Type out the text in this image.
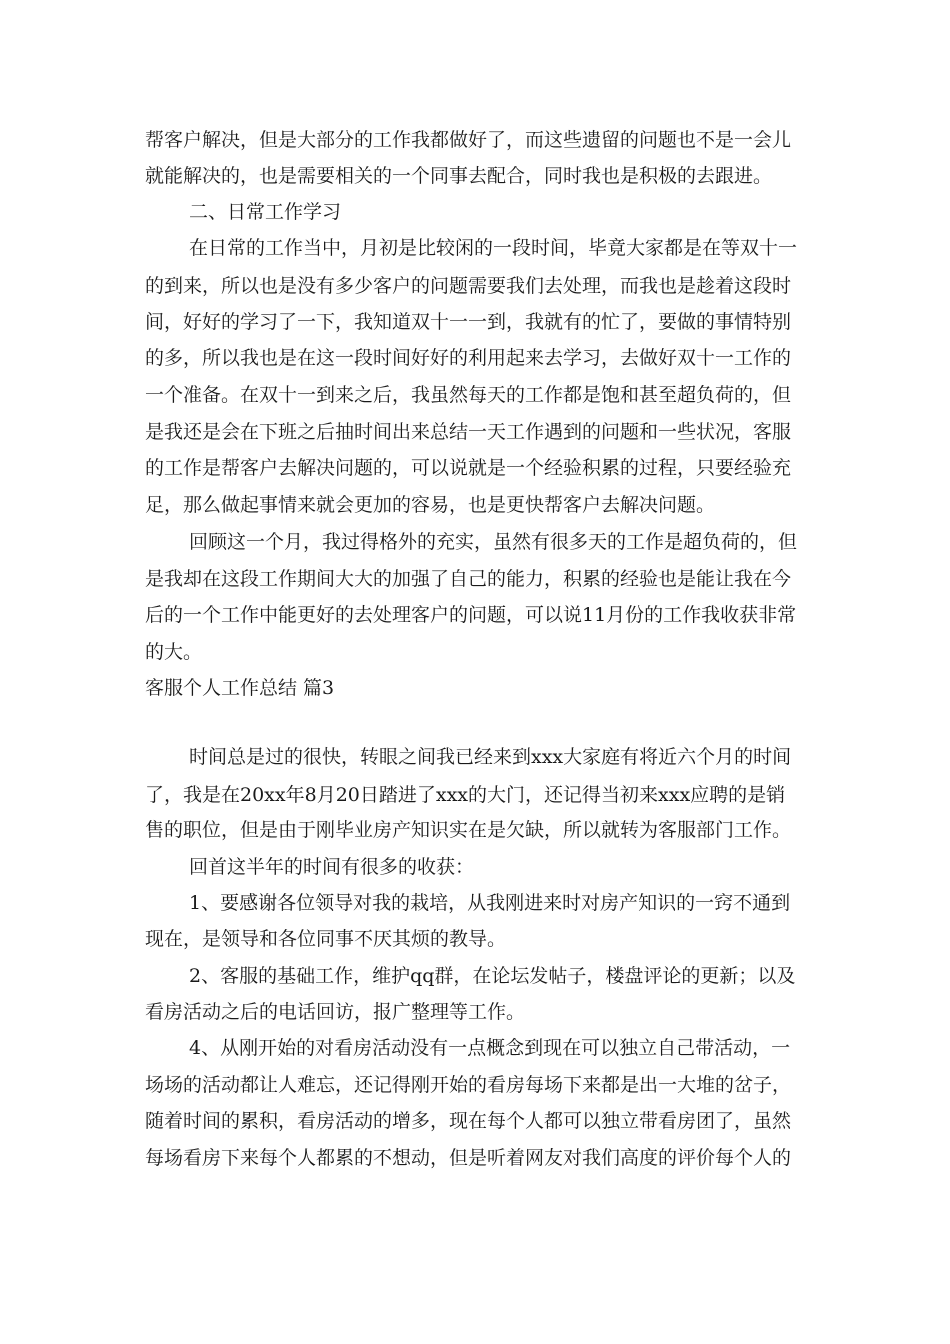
帮客户解决，但是大部分的工作我都做好了，而这些遗留的问题也不是一会儿
就能解决的，也是需要相关的一个同事去配合，同时我也是积极的去跟进。
二、日常工作学习
在日常的工作当中，月初是比较闲的一段时间，毕竟大家都是在等双十一
的到来，所以也是没有多少客户的问题需要我们去处理，而我也是趁着这段时
间，好好的学习了一下，我知道双十一一到，我就有的忙了，要做的事情特别
的多，所以我也是在这一段时间好好的利用起来去学习，去做好双十一工作的
一个准备。在双十一到来之后，我虽然每天的工作都是饱和甚至超负荷的，但
是我还是会在下班之后抽时间出来总结一天工作遇到的问题和一些状况，客服
的工作是帮客户去解决问题的，可以说就是一个经验积累的过程，只要经验充
足，那么做起事情来就会更加的容易，也是更快帮客户去解决问题。
回顾这一个月，我过得格外的充实，虽然有很多天的工作是超负荷的，但
是我却在这段工作期间大大的加强了自己的能力，积累的经验也是能让我在今
后的一个工作中能更好的去处理客户的问题，可以说11月份的工作我收获非常
的大。
客服个人工作总结 篇3
时间总是过的很快，转眼之间我已经来到xxx大家庭有将近六个月的时间
了，我是在20xx年8月20日踏进了xxx的大门，还记得当初来xxx应聘的是销
售的职位，但是由于刚毕业房产知识实在是欠缺，所以就转为客服部门工作。
回首这半年的时间有很多的收获：
1、要感谢各位领导对我的栽培，从我刚进来时对房产知识的一窍不通到
现在，是领导和各位同事不厌其烦的教导。
2、客服的基础工作，维护qq群，在论坛发帖子，楼盘评论的更新；以及
看房活动之后的电话回访，报广整理等工作。
4、从刚开始的对看房活动没有一点概念到现在可以独立自己带活动，一
场场的活动都让人难忘，还记得刚开始的看房每场下来都是出一大堆的岔子，
随着时间的累积，看房活动的增多，现在每个人都可以独立带看房团了，虽然
每场看房下来每个人都累的不想动，但是听着网友对我们高度的评价每个人的
